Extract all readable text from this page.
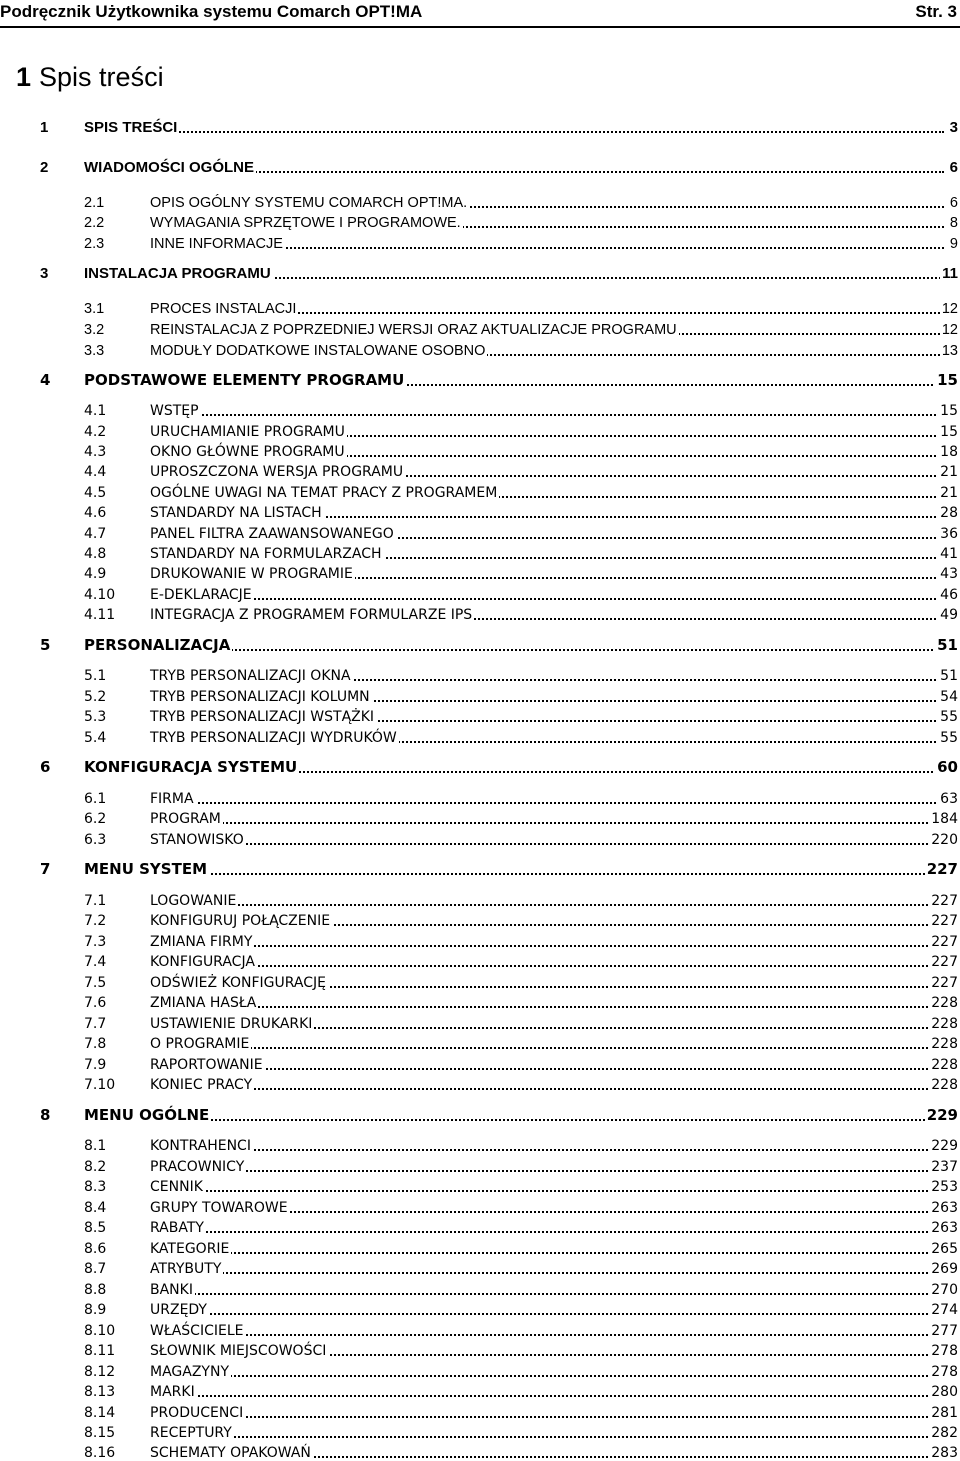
Podręcznik Użytkownika systemu Comarch OPT!MA	Str. 3
1 Spis treści
1 SPIS TREŚCI	3
2 WIADOMOŚCI OGÓLNE	6
2.1	OPIS OGÓLNY SYSTEMU COMARCH OPT!MA.	6
2.2	WYMAGANIA SPRZĘTOWE I PROGRAMOWE.	8
2.3	INNE INFORMACJE	9
3 INSTALACJA PROGRAMU	11
3.1	PROCES INSTALACJI	12
3.2	REINSTALACJA Z POPRZEDNIEJ WERSJI ORAZ AKTUALIZACJE PROGRAMU	12
3.3	MODUŁY DODATKOWE INSTALOWANE OSOBNO	13
4 PODSTAWOWE ELEMENTY PROGRAMU	15
4.1	WSTĘP	15
4.2	URUCHAMIANIE PROGRAMU	15
4.3	OKNO GŁÓWNE PROGRAMU	18
4.4	UPROSZCZONA WERSJA PROGRAMU	21
4.5	OGÓLNE UWAGI NA TEMAT PRACY Z PROGRAMEM	21
4.6	STANDARDY NA LISTACH	28
4.7	PANEL FILTRA ZAAWANSOWANEGO	36
4.8	STANDARDY NA FORMULARZACH	41
4.9	DRUKOWANIE W PROGRAMIE	43
4.10 E-DEKLARACJE	46
4.11 INTEGRACJA Z PROGRAMEM FORMULARZE IPS	49
5 PERSONALIZACJA	51
5.1	TRYB PERSONALIZACJI OKNA	51
5.2	TRYB PERSONALIZACJI KOLUMN	54
5.3	TRYB PERSONALIZACJI WSTĄŻKI	55
5.4	TRYB PERSONALIZACJI WYDRUKÓW	55
6 KONFIGURACJA SYSTEMU	60
6.1	FIRMA	63
6.2	PROGRAM	184
6.3	STANOWISKO	220
7 MENU SYSTEM	227
7.1	LOGOWANIE	227
7.2	KONFIGURUJ POŁĄCZENIE	227
7.3	ZMIANA FIRMY	227
7.4	KONFIGURACJA	227
7.5	ODŚWIEŻ KONFIGURACJĘ	227
7.6	ZMIANA HASŁA	228
7.7	USTAWIENIE DRUKARKI	228
7.8	O PROGRAMIE	228
7.9	RAPORTOWANIE	228
7.10 KONIEC PRACY	228
8 MENU OGÓLNE	229
8.1	KONTRAHENCI	229
8.2	PRACOWNICY	237
8.3	CENNIK	253
8.4	GRUPY TOWAROWE	263
8.5	RABATY	263
8.6	KATEGORIE	265
8.7	ATRYBUTY	269
8.8	BANKI	270
8.9	URZĘDY	274
8.10 WŁAŚCICIELE	277
8.11 SŁOWNIK MIEJSCOWOŚCI	278
8.12 MAGAZYNY	278
8.13 MARKI	280
8.14 PRODUCENCI	281
8.15 RECEPTURY	282
8.16 SCHEMATY OPAKOWAŃ	283
